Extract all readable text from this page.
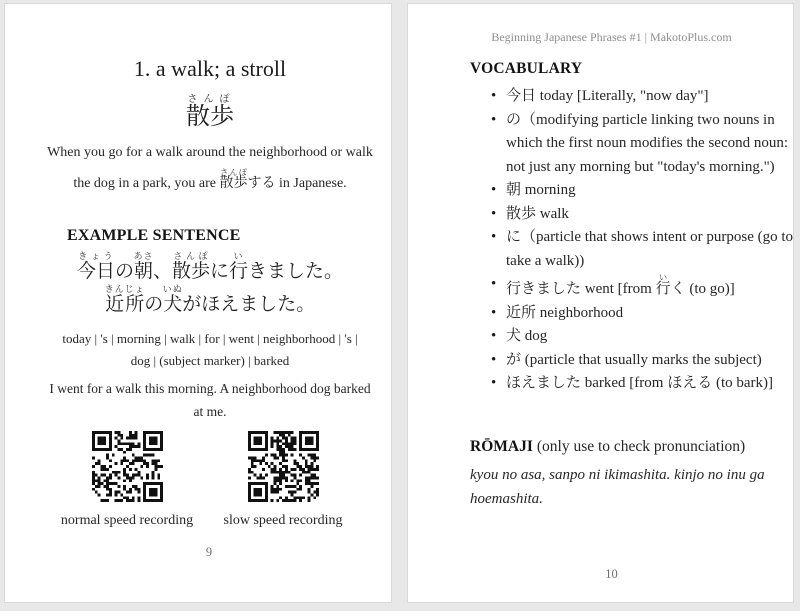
1. a walk; a stroll
散歩さんぽ
When you go for a walk around the neighborhood or walk
the dog in a park, you are 散歩さんぽする in Japanese.
EXAMPLE SENTENCE
今日きょうの朝あさ、散歩さんぽに行いきました。
近所きんじょの犬いぬがほえました。
today | 's | morning | walk | for | went | neighborhood | 's |
dog | (subject marker) | barked
I went for a walk this morning. A neighborhood dog barked
at me.
normal speed recording	slow speed recording
9
Beginning Japanese Phrases #1 | MakotoPlus.com
VOCABULARY
• 今日 today [Literally, "now day"]
• の（modifying particle linking two nouns in
which the first noun modifies the second noun:
not just any morning but "today's morning.")
• 朝 morning
• 散歩 walk
• に（particle that shows intent or purpose (go to
take a walk))
• 行きました went [from 行いく (to go)]
• 近所 neighborhood
• 犬 dog
• が (particle that usually marks the subject)
• ほえました barked [from ほえる (to bark)]
RŌMAJI (only use to check pronunciation)
kyou no asa, sanpo ni ikimashita. kinjo no inu ga
hoemashita.
10
